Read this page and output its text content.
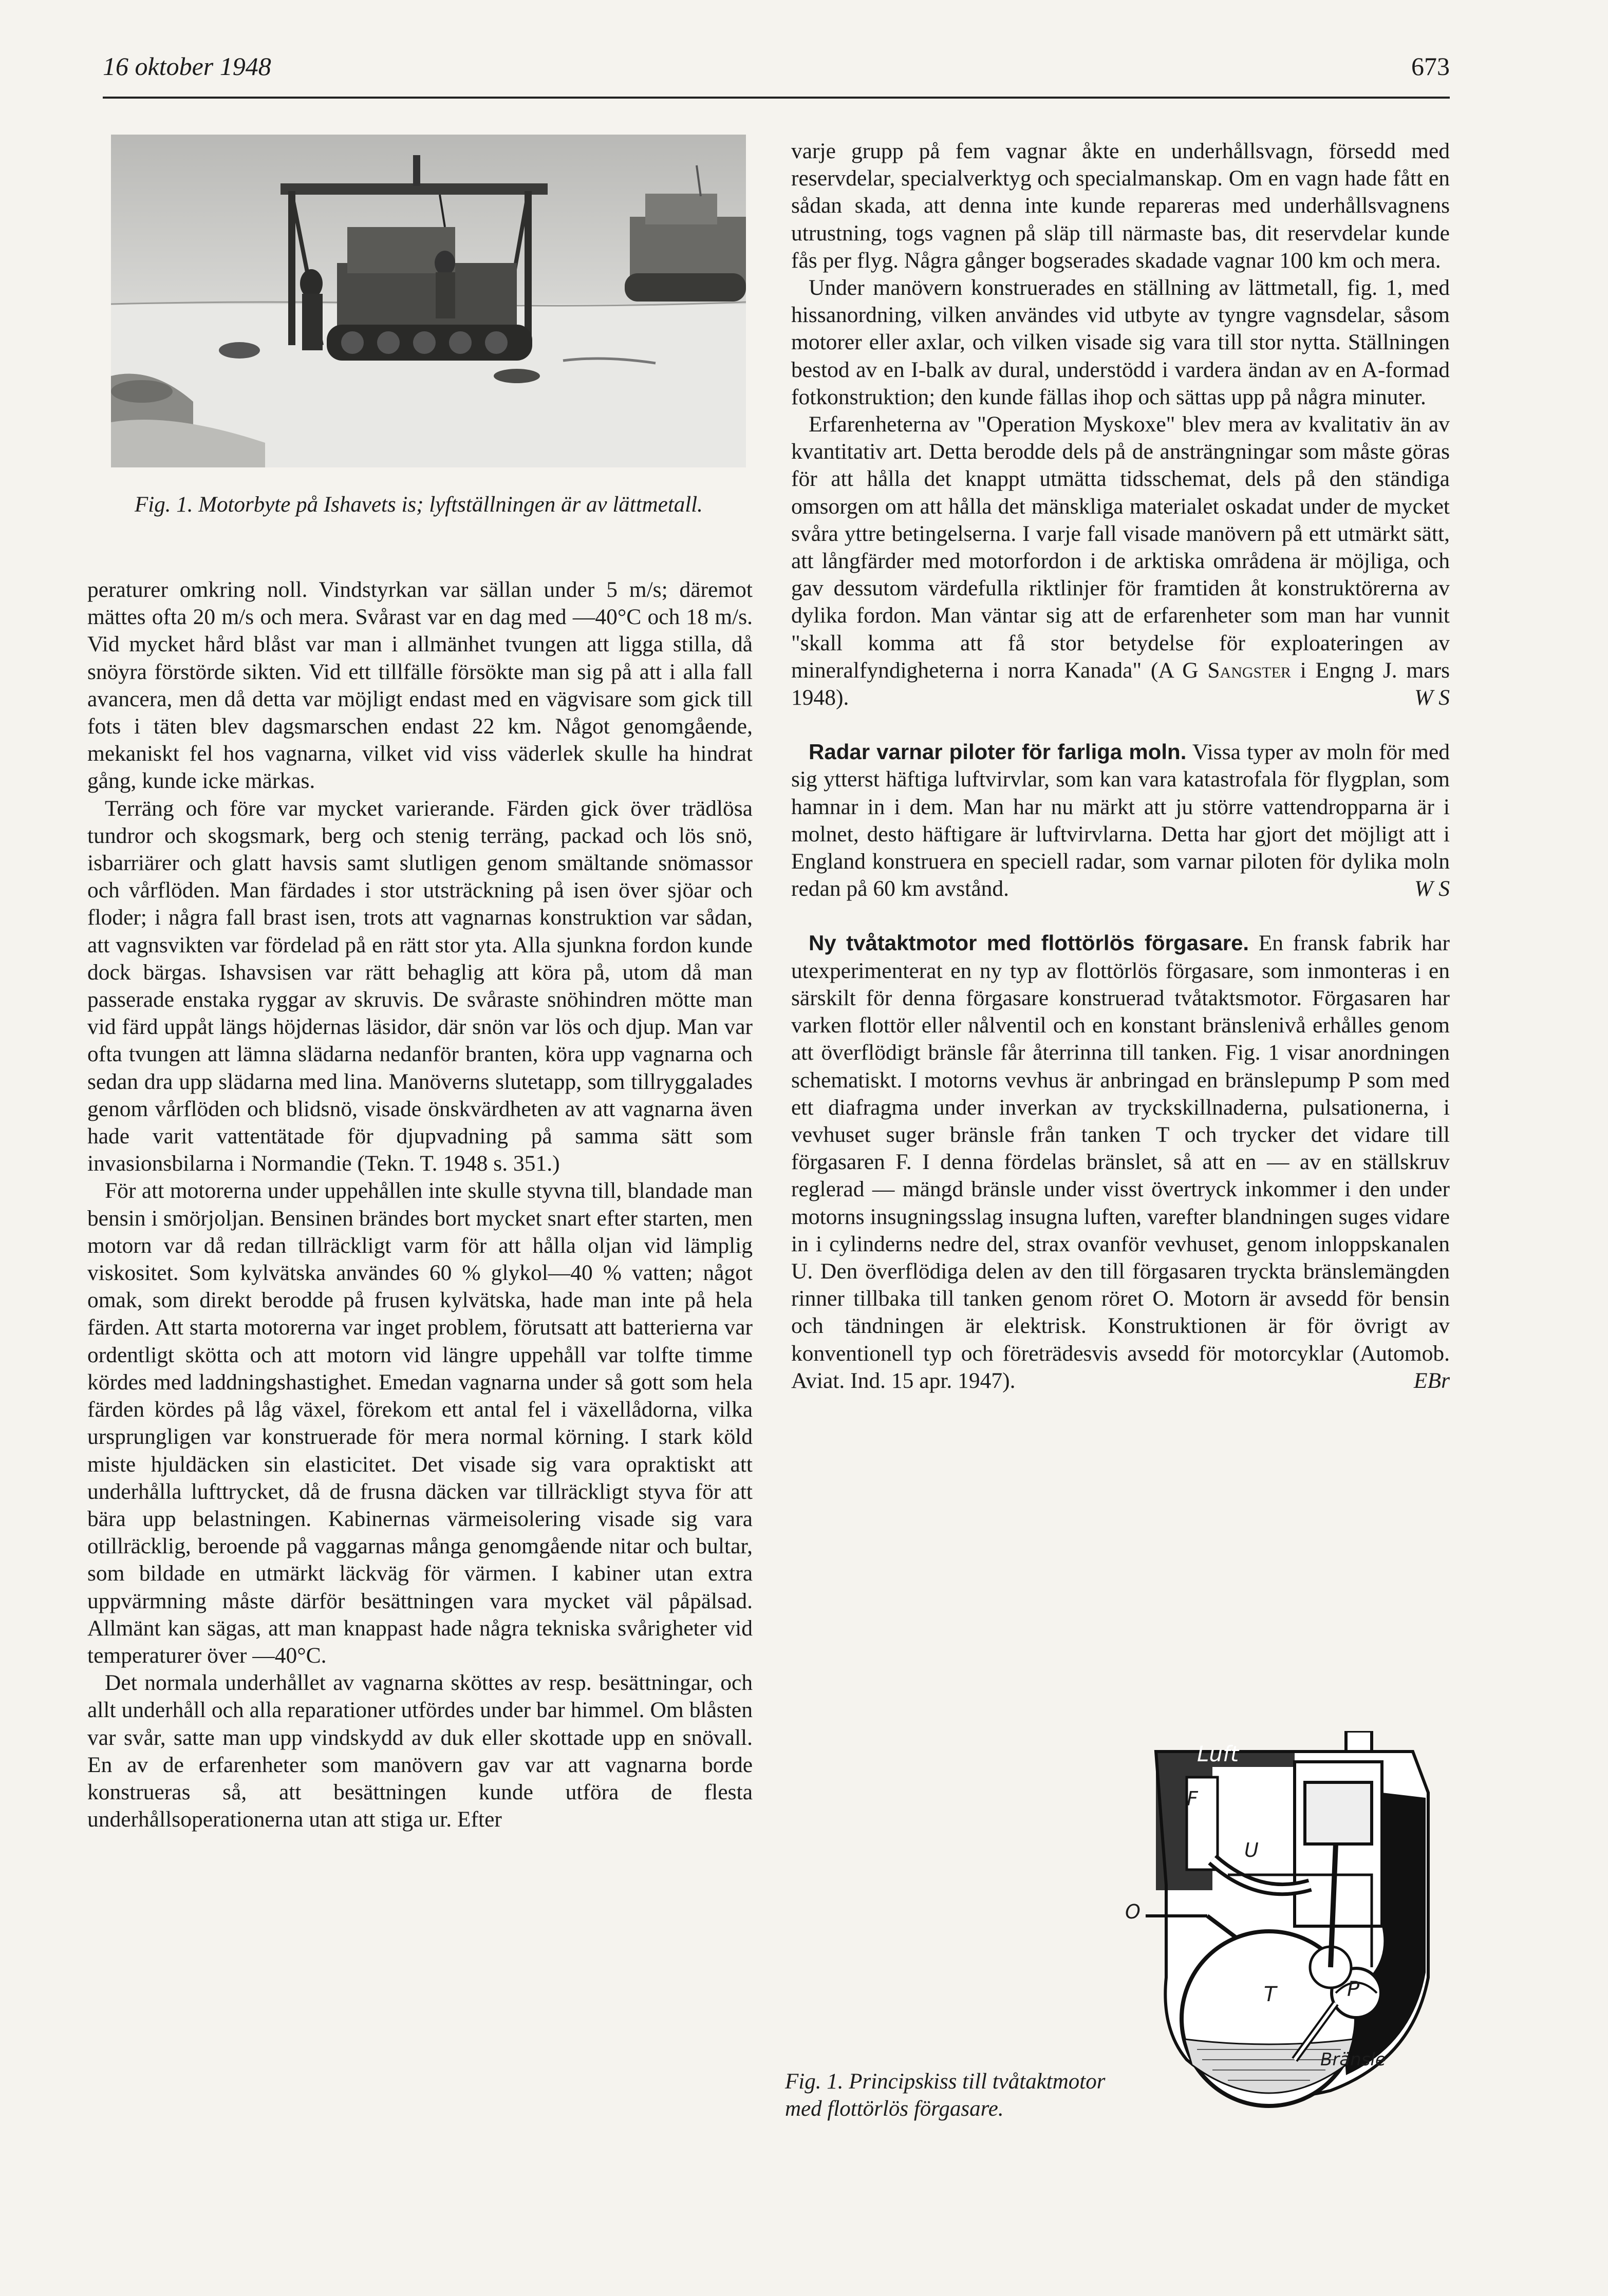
16 oktober 1948	673
Fig. 1. Motorbyte på Ishavets is; lyftställningen är av lättmetall.

peraturer omkring noll. Vindstyrkan var sällan under 5 m/s; däremot mättes ofta 20 m/s och mera. Svårast var en dag med —40°C och 18 m/s. Vid mycket hård blåst var man i allmänhet tvungen att ligga stilla, då snöyra förstörde sikten. Vid ett tillfälle försökte man sig på att i alla fall avancera, men då detta var möjligt endast med en vägvisare som gick till fots i täten blev dagsmarschen endast 22 km. Något genomgående, mekaniskt fel hos vagnarna, vilket vid viss väderlek skulle ha hindrat gång, kunde icke märkas.

Terräng och före var mycket varierande. Färden gick över trädlösa tundror och skogsmark, berg och stenig terräng, packad och lös snö, isbarriärer och glatt havsis samt slutligen genom smältande snömassor och vårflöden. Man färdades i stor utsträckning på isen över sjöar och floder; i några fall brast isen, trots att vagnarnas konstruktion var sådan, att vagnsvikten var fördelad på en rätt stor yta. Alla sjunkna fordon kunde dock bärgas. Ishavsisen var rätt behaglig att köra på, utom då man passerade enstaka ryggar av skruvis. De svåraste snöhindren mötte man vid färd uppåt längs höjdernas läsidor, där snön var lös och djup. Man var ofta tvungen att lämna slädarna nedanför branten, köra upp vagnarna och sedan dra upp slädarna med lina. Manöverns slutetapp, som tillryggalades genom vårflöden och blidsnö, visade önskvärdheten av att vagnarna även hade varit vattentätade för djupvadning på samma sätt som invasionsbilarna i Normandie (Tekn. T. 1948 s. 351.)

För att motorerna under uppehållen inte skulle styvna till, blandade man bensin i smörjoljan. Bensinen brändes bort mycket snart efter starten, men motorn var då redan tillräckligt varm för att hålla oljan vid lämplig viskositet. Som kylvätska användes 60 % glykol—40 % vatten; något omak, som direkt berodde på frusen kylvätska, hade man inte på hela färden. Att starta motorerna var inget problem, förutsatt att batterierna var ordentligt skötta och att motorn vid längre uppehåll var tolfte timme kördes med laddningshastighet. Emedan vagnarna under så gott som hela färden kördes på låg växel, förekom ett antal fel i växellådorna, vilka ursprungligen var konstruerade för mera normal körning. I stark köld miste hjuldäcken sin elasticitet. Det visade sig vara opraktiskt att underhålla lufttrycket, då de frusna däcken var tillräckligt styva för att bära upp belastningen. Kabinernas värmeisolering visade sig vara otillräcklig, beroende på vaggarnas många genomgående nitar och bultar, som bildade en utmärkt läckväg för värmen. I kabiner utan extra uppvärmning måste därför besättningen vara mycket väl påpälsad. Allmänt kan sägas, att man knappast hade några tekniska svårigheter vid temperaturer över —40°C.

Det normala underhållet av vagnarna sköttes av resp. besättningar, och allt underhåll och alla reparationer utfördes under bar himmel. Om blåsten var svår, satte man upp vindskydd av duk eller skottade upp en snövall. En av de erfarenheter som manövern gav var att vagnarna borde konstrueras så, att besättningen kunde utföra de flesta underhållsoperationerna utan att stiga ur. Efter

varje grupp på fem vagnar åkte en underhållsvagn, försedd med reservdelar, specialverktyg och specialmanskap. Om en vagn hade fått en sådan skada, att denna inte kunde repareras med underhållsvagnens utrustning, togs vagnen på släp till närmaste bas, dit reservdelar kunde fås per flyg. Några gånger bogserades skadade vagnar 100 km och mera.

Under manövern konstruerades en ställning av lättmetall, fig. 1, med hissanordning, vilken användes vid utbyte av tyngre vagnsdelar, såsom motorer eller axlar, och vilken visade sig vara till stor nytta. Ställningen bestod av en I-balk av dural, understödd i vardera ändan av en A-formad fotkonstruktion; den kunde fällas ihop och sättas upp på några minuter.

Erfarenheterna av "Operation Myskoxe" blev mera av kvalitativ än av kvantitativ art. Detta berodde dels på de ansträngningar som måste göras för att hålla det knappt utmätta tidsschemat, dels på den ständiga omsorgen om att hålla det mänskliga materialet oskadat under de mycket svåra yttre betingelserna. I varje fall visade manövern på ett utmärkt sätt, att långfärder med motorfordon i de arktiska områdena är möjliga, och gav dessutom värdefulla riktlinjer för framtiden åt konstruktörerna av dylika fordon. Man väntar sig att de erfarenheter som man har vunnit "skall komma att få stor betydelse för exploateringen av mineralfyndigheterna i norra Kanada" (A G Sangster i Engng J. mars 1948).	W S

Radar varnar piloter för farliga moln. Vissa typer av moln för med sig ytterst häftiga luftvirvlar, som kan vara katastrofala för flygplan, som hamnar in i dem. Man har nu märkt att ju större vattendropparna är i molnet, desto häftigare är luftvirvlarna. Detta har gjort det möjligt att i England konstruera en speciell radar, som varnar piloten för dylika moln redan på 60 km avstånd.	W S

Ny tvåtaktmotor med flottörlös förgasare. En fransk fabrik har utexperimenterat en ny typ av flottörlös förgasare, som inmonteras i en särskilt för denna förgasare konstruerad tvåtaktsmotor. Förgasaren har varken flottör eller nålventil och en konstant bränslenivå erhålles genom att överflödigt bränsle får återrinna till tanken. Fig. 1 visar anordningen schematiskt. I motorns vevhus är anbringad en bränslepump P som med ett diafragma under inverkan av tryckskillnaderna, pulsationerna, i vevhuset suger bränsle från tanken T och trycker det vidare till förgasaren F. I denna fördelas bränslet, så att en — av en ställskruv reglerad — mängd bränsle under visst övertryck inkommer i den under motorns insugningsslag insugna luften, varefter blandningen suges vidare in i cylinderns nedre del, strax ovanför vevhuset, genom inloppskanalen U. Den överflödiga delen av den till förgasaren tryckta bränslemängden rinner tillbaka till tanken genom röret O. Motorn är avsedd för bensin och tändningen är elektrisk. Konstruktionen är för övrigt av konventionell typ och företrädesvis avsedd för motorcyklar (Automob. Aviat. Ind. 15 apr. 1947).	EBr

Luft
F
U
O
T	P
Bränsle
Fig. 1. Principskiss till tvåtaktmotor med flottörlös förgasare.
